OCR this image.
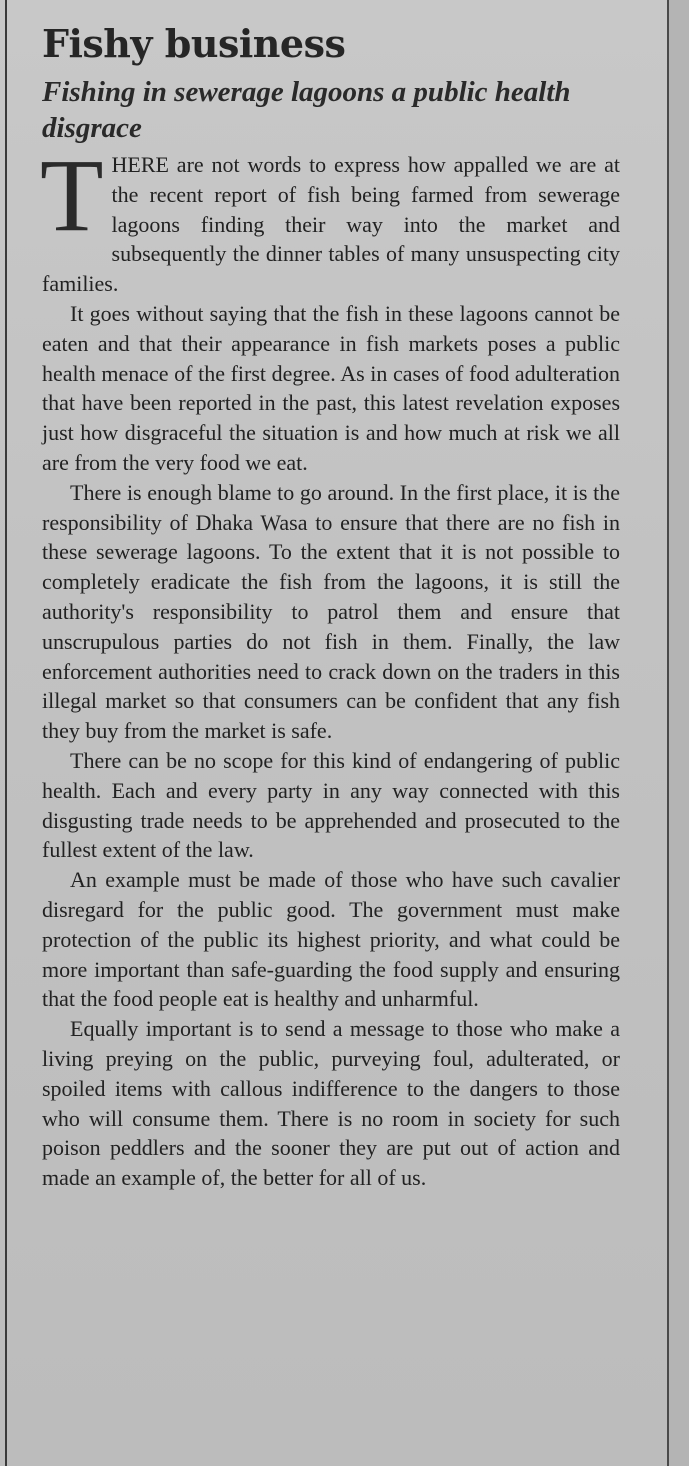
Fishy business
Fishing in sewerage lagoons a public health disgrace

THERE are not words to express how appalled we are at the recent report of fish being farmed from sewerage lagoons finding their way into the market and subsequently the dinner tables of many unsuspecting city families.

It goes without saying that the fish in these lagoons cannot be eaten and that their appearance in fish markets poses a public health menace of the first degree. As in cases of food adulteration that have been reported in the past, this latest revelation exposes just how disgraceful the situation is and how much at risk we all are from the very food we eat.

There is enough blame to go around. In the first place, it is the responsibility of Dhaka Wasa to ensure that there are no fish in these sewerage lagoons. To the extent that it is not possible to completely eradicate the fish from the lagoons, it is still the authority's responsibility to patrol them and ensure that unscrupulous parties do not fish in them. Finally, the law enforcement authorities need to crack down on the traders in this illegal market so that consumers can be confident that any fish they buy from the market is safe.

There can be no scope for this kind of endangering of public health. Each and every party in any way connected with this disgusting trade needs to be apprehended and prosecuted to the fullest extent of the law.

An example must be made of those who have such cavalier disregard for the public good. The government must make protection of the public its highest priority, and what could be more important than safe-guarding the food supply and ensuring that the food people eat is healthy and unharmful.

Equally important is to send a message to those who make a living preying on the public, purveying foul, adulterated, or spoiled items with callous indifference to the dangers to those who will consume them. There is no room in society for such poison peddlers and the sooner they are put out of action and made an example of, the better for all of us.
